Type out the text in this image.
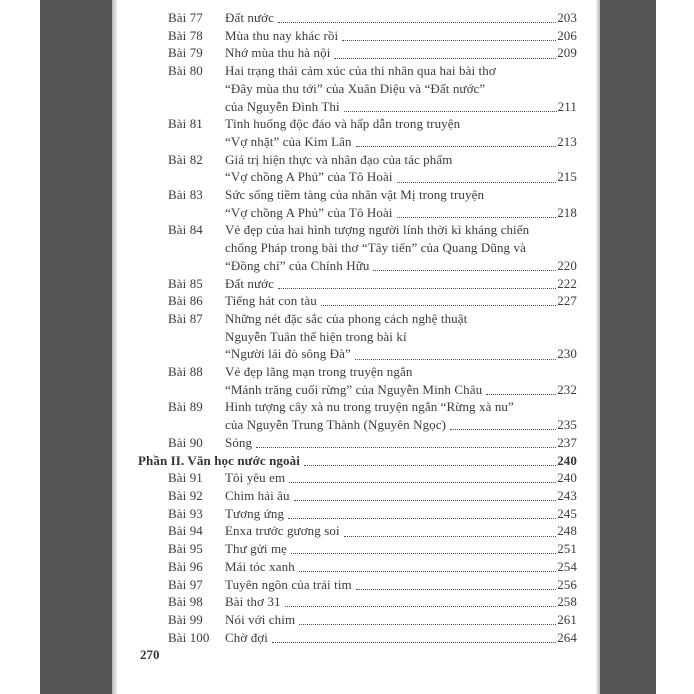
Bài 77	Đất nước	203
Bài 78	Mùa thu nay khác rồi	206
Bài 79	Nhớ mùa thu hà nội	209
Bài 80	Hai trạng thái cảm xúc của thi nhân qua hai bài thơ
“Đây mùa thu tới” của Xuân Diệu và “Đất nước”
của Nguyễn Đình Thi	211
Bài 81	Tình huống độc đáo và hấp dẫn trong truyện
“Vợ nhặt” của Kim Lân	213
Bài 82	Giá trị hiện thực và nhân đạo của tác phẩm
“Vợ chồng A Phủ” của Tô Hoài	215
Bài 83	Sức sống tiềm tàng của nhân vật Mị trong truyện
“Vợ chồng A Phủ” của Tô Hoài	218
Bài 84	Vẻ đẹp của hai hình tượng người lính thời kì kháng chiến
chống Pháp trong bài thơ “Tây tiến” của Quang Dũng và
“Đồng chí” của Chính Hữu	220
Bài 85	Đất nước	222
Bài 86	Tiếng hát con tàu	227
Bài 87	Những nét đặc sắc của phong cách nghệ thuật
Nguyễn Tuân thể hiện trong bài kí
“Người lái đò sông Đà”	230
Bài 88	Vẻ đẹp lãng mạn trong truyện ngắn
“Mảnh trăng cuối rừng” của Nguyễn Minh Châu	232
Bài 89	Hình tượng cây xà nu trong truyện ngắn “Rừng xà nu”
của Nguyễn Trung Thành (Nguyên Ngọc)	235
Bài 90	Sóng	237
Phần II. Văn học nước ngoài	240
Bài 91	Tôi yêu em	240
Bài 92	Chim hải âu	243
Bài 93	Tương ứng	245
Bài 94	Enxa trước gương soi	248
Bài 95	Thư gửi mẹ	251
Bài 96	Mái tóc xanh	254
Bài 97	Tuyên ngôn của trái tim	256
Bài 98	Bài thơ 31	258
Bài 99	Nói với chim	261
Bài 100	Chờ đợi	264
270
